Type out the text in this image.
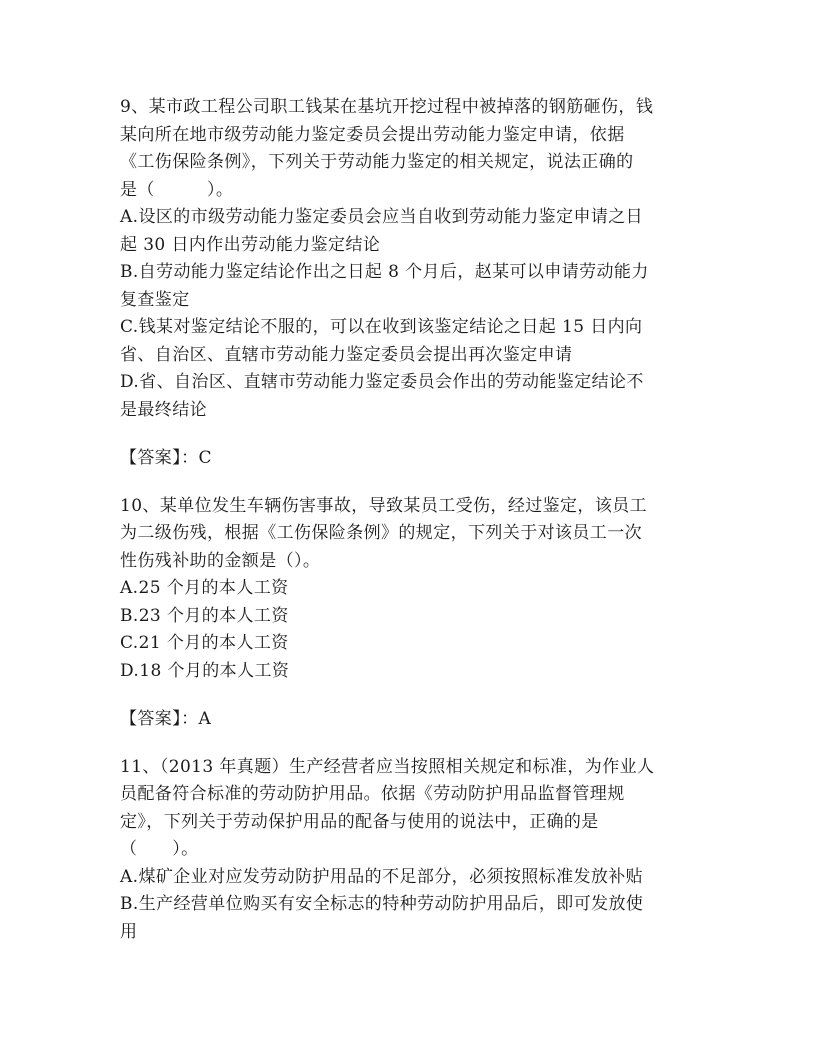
9、某市政工程公司职工钱某在基坑开挖过程中被掉落的钢筋砸伤，钱
某向所在地市级劳动能力鉴定委员会提出劳动能力鉴定申请，依据
《工伤保险条例》，下列关于劳动能力鉴定的相关规定，说法正确的
是（　　　）。
A.设区的市级劳动能力鉴定委员会应当自收到劳动能力鉴定申请之日
起 30 日内作出劳动能力鉴定结论
B.自劳动能力鉴定结论作出之日起 8 个月后，赵某可以申请劳动能力
复查鉴定
C.钱某对鉴定结论不服的，可以在收到该鉴定结论之日起 15 日内向
省、自治区、直辖市劳动能力鉴定委员会提出再次鉴定申请
D.省、自治区、直辖市劳动能力鉴定委员会作出的劳动能鉴定结论不
是最终结论
【答案】：C
10、某单位发生车辆伤害事故，导致某员工受伤，经过鉴定，该员工
为二级伤残，根据《工伤保险条例》的规定，下列关于对该员工一次
性伤残补助的金额是（）。
A.25 个月的本人工资
B.23 个月的本人工资
C.21 个月的本人工资
D.18 个月的本人工资
【答案】：A
11、（2013 年真题）生产经营者应当按照相关规定和标准，为作业人
员配备符合标准的劳动防护用品。依据《劳动防护用品监督管理规
定》，下列关于劳动保护用品的配备与使用的说法中，正确的是
（　　）。
A.煤矿企业对应发劳动防护用品的不足部分，必须按照标准发放补贴
B.生产经营单位购买有安全标志的特种劳动防护用品后，即可发放使
用
